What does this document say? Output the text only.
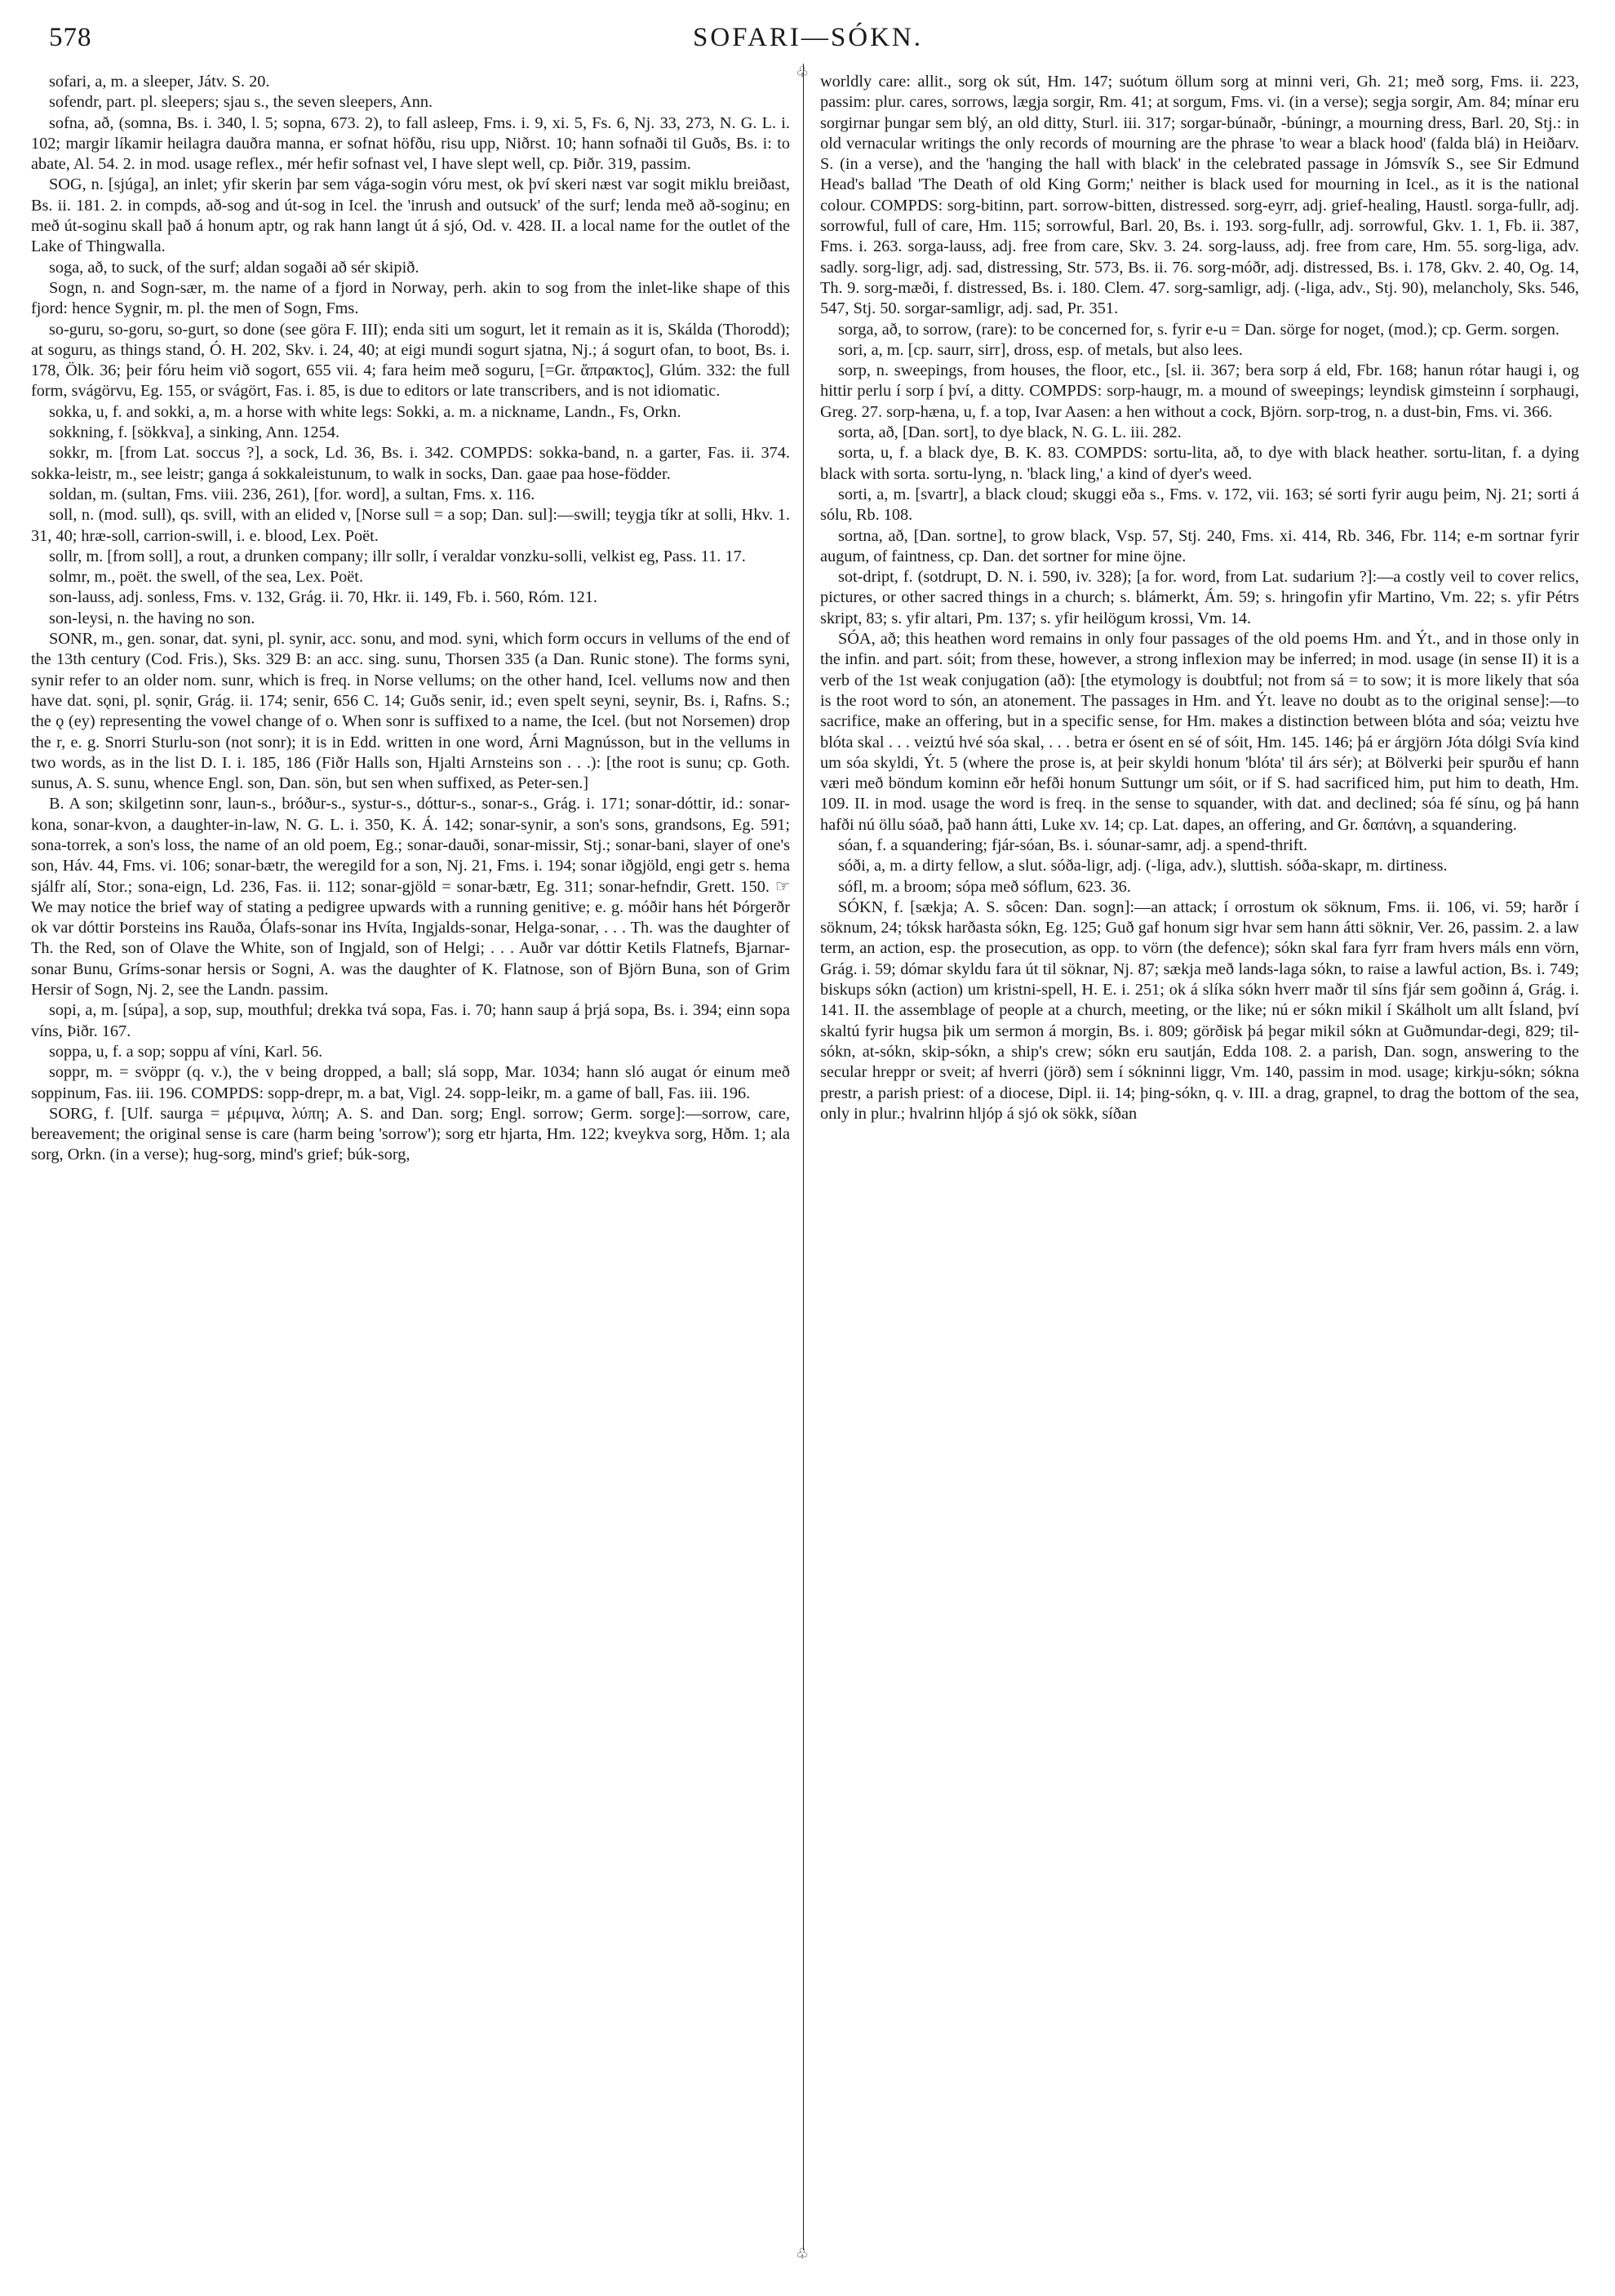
578	SOFARI—SÓKN.
♧
♧

sofari, a, m. a sleeper, Játv. S. 20.

sofendr, part. pl. sleepers; sjau s., the seven sleepers, Ann.

sofna, að, (somna, Bs. i. 340, l. 5; sopna, 673. 2), to fall asleep, Fms. i. 9, xi. 5, Fs. 6, Nj. 33, 273, N. G. L. i. 102; margir líkamir heilagra dauðra manna, er sofnat höfðu, risu upp, Niðrst. 10; hann sofnaði til Guðs, Bs. i: to abate, Al. 54. 2. in mod. usage reflex., mér hefir sofnast vel, I have slept well, cp. Þiðr. 319, passim.

SOG, n. [sjúga], an inlet; yfir skerin þar sem vága-sogin vóru mest, ok því skeri næst var sogit miklu breiðast, Bs. ii. 181. 2. in compds, að-sog and út-sog in Icel. the 'inrush and outsuck' of the surf; lenda með að-soginu; en með út-soginu skall það á honum aptr, og rak hann langt út á sjó, Od. v. 428. II. a local name for the outlet of the Lake of Thingwalla.

soga, að, to suck, of the surf; aldan sogaði að sér skipið.

Sogn, n. and Sogn-sær, m. the name of a fjord in Norway, perh. akin to sog from the inlet-like shape of this fjord: hence Sygnir, m. pl. the men of Sogn, Fms.

so-guru, so-goru, so-gurt, so done (see göra F. III); enda siti um sogurt, let it remain as it is, Skálda (Thorodd); at soguru, as things stand, Ó. H. 202, Skv. i. 24, 40; at eigi mundi sogurt sjatna, Nj.; á sogurt ofan, to boot, Bs. i. 178, Ölk. 36; þeir fóru heim við sogort, 655 vii. 4; fara heim með soguru, [=Gr. ἄπρακτος], Glúm. 332: the full form, svágörvu, Eg. 155, or svágört, Fas. i. 85, is due to editors or late transcribers, and is not idiomatic.

sokka, u, f. and sokki, a, m. a horse with white legs: Sokki, a. m. a nickname, Landn., Fs, Orkn.

sokkning, f. [sökkva], a sinking, Ann. 1254.

sokkr, m. [from Lat. soccus ?], a sock, Ld. 36, Bs. i. 342. COMPDS: sokka-band, n. a garter, Fas. ii. 374. sokka-leistr, m., see leistr; ganga á sokkaleistunum, to walk in socks, Dan. gaae paa hose-födder.

soldan, m. (sultan, Fms. viii. 236, 261), [for. word], a sultan, Fms. x. 116.

soll, n. (mod. sull), qs. svill, with an elided v, [Norse sull = a sop; Dan. sul]:—swill; teygja tíkr at solli, Hkv. 1. 31, 40; hræ-soll, carrion-swill, i. e. blood, Lex. Poët.

sollr, m. [from soll], a rout, a drunken company; illr sollr, í veraldar vonzku-solli, velkist eg, Pass. 11. 17.

solmr, m., poët. the swell, of the sea, Lex. Poët.

son-lauss, adj. sonless, Fms. v. 132, Grág. ii. 70, Hkr. ii. 149, Fb. i. 560, Róm. 121.

son-leysi, n. the having no son.

SONR, m., gen. sonar, dat. syni, pl. synir, acc. sonu, and mod. syni, which form occurs in vellums of the end of the 13th century (Cod. Fris.), Sks. 329 B: an acc. sing. sunu, Thorsen 335 (a Dan. Runic stone). The forms syni, synir refer to an older nom. sunr, which is freq. in Norse vellums; on the other hand, Icel. vellums now and then have dat. sǫni, pl. sǫnir, Grág. ii. 174; senir, 656 C. 14; Guðs senir, id.; even spelt seyni, seynir, Bs. i, Rafns. S.; the ǫ (ey) representing the vowel change of o. When sonr is suffixed to a name, the Icel. (but not Norsemen) drop the r, e. g. Snorri Sturlu-son (not sonr); it is in Edd. written in one word, Árni Magnússon, but in the vellums in two words, as in the list D. I. i. 185, 186 (Fiðr Halls son, Hjalti Arnsteins son . . .): [the root is sunu; cp. Goth. sunus, A. S. sunu, whence Engl. son, Dan. sön, but sen when suffixed, as Peter-sen.]

B. A son; skilgetinn sonr, laun-s., bróður-s., systur-s., dóttur-s., sonar-s., Grág. i. 171; sonar-dóttir, id.: sonar-kona, sonar-kvon, a daughter-in-law, N. G. L. i. 350, K. Á. 142; sonar-synir, a son's sons, grandsons, Eg. 591; sona-torrek, a son's loss, the name of an old poem, Eg.; sonar-dauði, sonar-missir, Stj.; sonar-bani, slayer of one's son, Háv. 44, Fms. vi. 106; sonar-bætr, the weregild for a son, Nj. 21, Fms. i. 194; sonar iðgjöld, engi getr s. hema sjálfr alí, Stor.; sona-eign, Ld. 236, Fas. ii. 112; sonar-gjöld = sonar-bætr, Eg. 311; sonar-hefndir, Grett. 150. ☞ We may notice the brief way of stating a pedigree upwards with a running genitive; e. g. móðir hans hét Þórgerðr ok var dóttir Þorsteins ins Rauða, Ólafs-sonar ins Hvíta, Ingjalds-sonar, Helga-sonar, . . . Th. was the daughter of Th. the Red, son of Olave the White, son of Ingjald, son of Helgi; . . . Auðr var dóttir Ketils Flatnefs, Bjarnar-sonar Bunu, Gríms-sonar hersis or Sogni, A. was the daughter of K. Flatnose, son of Björn Buna, son of Grim Hersir of Sogn, Nj. 2, see the Landn. passim.

sopi, a, m. [súpa], a sop, sup, mouthful; drekka tvá sopa, Fas. i. 70; hann saup á þrjá sopa, Bs. i. 394; einn sopa víns, Þiðr. 167.

soppa, u, f. a sop; soppu af víni, Karl. 56.

soppr, m. = svöppr (q. v.), the v being dropped, a ball; slá sopp, Mar. 1034; hann sló augat ór einum með soppinum, Fas. iii. 196. COMPDS: sopp-drepr, m. a bat, Vigl. 24. sopp-leikr, m. a game of ball, Fas. iii. 196.

SORG, f. [Ulf. saurga = μέριμνα, λύπη; A. S. and Dan. sorg; Engl. sorrow; Germ. sorge]:—sorrow, care, bereavement; the original sense is care (harm being 'sorrow'); sorg etr hjarta, Hm. 122; kveykva sorg, Hðm. 1; ala sorg, Orkn. (in a verse); hug-sorg, mind's grief; búk-sorg,

worldly care: allit., sorg ok sút, Hm. 147; suótum öllum sorg at minni veri, Gh. 21; með sorg, Fms. ii. 223, passim: plur. cares, sorrows, lægja sorgir, Rm. 41; at sorgum, Fms. vi. (in a verse); segja sorgir, Am. 84; mínar eru sorgirnar þungar sem blý, an old ditty, Sturl. iii. 317; sorgar-búnaðr, -búningr, a mourning dress, Barl. 20, Stj.: in old vernacular writings the only records of mourning are the phrase 'to wear a black hood' (falda blá) in Heiðarv. S. (in a verse), and the 'hanging the hall with black' in the celebrated passage in Jómsvík S., see Sir Edmund Head's ballad 'The Death of old King Gorm;' neither is black used for mourning in Icel., as it is the national colour. COMPDS: sorg-bitinn, part. sorrow-bitten, distressed. sorg-eyrr, adj. grief-healing, Haustl. sorga-fullr, adj. sorrowful, full of care, Hm. 115; sorrowful, Barl. 20, Bs. i. 193. sorg-fullr, adj. sorrowful, Gkv. 1. 1, Fb. ii. 387, Fms. i. 263. sorga-lauss, adj. free from care, Skv. 3. 24. sorg-lauss, adj. free from care, Hm. 55. sorg-liga, adv. sadly. sorg-ligr, adj. sad, distressing, Str. 573, Bs. ii. 76. sorg-móðr, adj. distressed, Bs. i. 178, Gkv. 2. 40, Og. 14, Th. 9. sorg-mæði, f. distressed, Bs. i. 180. Clem. 47. sorg-samligr, adj. (-liga, adv., Stj. 90), melancholy, Sks. 546, 547, Stj. 50. sorgar-samligr, adj. sad, Pr. 351.

sorga, að, to sorrow, (rare): to be concerned for, s. fyrir e-u = Dan. sörge for noget, (mod.); cp. Germ. sorgen.

sori, a, m. [cp. saurr, sirr], dross, esp. of metals, but also lees.

sorp, n. sweepings, from houses, the floor, etc., [sl. ii. 367; bera sorp á eld, Fbr. 168; hanun rótar haugi i, og hittir perlu í sorp í því, a ditty. COMPDS: sorp-haugr, m. a mound of sweepings; leyndisk gimsteinn í sorphaugi, Greg. 27. sorp-hæna, u, f. a top, Ivar Aasen: a hen without a cock, Björn. sorp-trog, n. a dust-bin, Fms. vi. 366.

sorta, að, [Dan. sort], to dye black, N. G. L. iii. 282.

sorta, u, f. a black dye, B. K. 83. COMPDS: sortu-lita, að, to dye with black heather. sortu-litan, f. a dying black with sorta. sortu-lyng, n. 'black ling,' a kind of dyer's weed.

sorti, a, m. [svartr], a black cloud; skuggi eða s., Fms. v. 172, vii. 163; sé sorti fyrir augu þeim, Nj. 21; sorti á sólu, Rb. 108.

sortna, að, [Dan. sortne], to grow black, Vsp. 57, Stj. 240, Fms. xi. 414, Rb. 346, Fbr. 114; e-m sortnar fyrir augum, of faintness, cp. Dan. det sortner for mine öjne.

sot-dript, f. (sotdrupt, D. N. i. 590, iv. 328); [a for. word, from Lat. sudarium ?]:—a costly veil to cover relics, pictures, or other sacred things in a church; s. blámerkt, Ám. 59; s. hringofin yfir Martino, Vm. 22; s. yfir Pétrs skript, 83; s. yfir altari, Pm. 137; s. yfir heilögum krossi, Vm. 14.

SÓA, að; this heathen word remains in only four passages of the old poems Hm. and Ýt., and in those only in the infin. and part. sóit; from these, however, a strong inflexion may be inferred; in mod. usage (in sense II) it is a verb of the 1st weak conjugation (að): [the etymology is doubtful; not from sá = to sow; it is more likely that sóa is the root word to són, an atonement. The passages in Hm. and Ýt. leave no doubt as to the original sense]:—to sacrifice, make an offering, but in a specific sense, for Hm. makes a distinction between blóta and sóa; veiztu hve blóta skal . . . veiztú hvé sóa skal, . . . betra er ósent en sé of sóit, Hm. 145. 146; þá er árgjörn Jóta dólgi Svía kind um sóa skyldi, Ýt. 5 (where the prose is, at þeir skyldi honum 'blóta' til árs sér); at Bölverki þeir spurðu ef hann væri með böndum kominn eðr hefði honum Suttungr um sóit, or if S. had sacrificed him, put him to death, Hm. 109. II. in mod. usage the word is freq. in the sense to squander, with dat. and declined; sóa fé sínu, og þá hann hafði nú öllu sóað, það hann átti, Luke xv. 14; cp. Lat. dapes, an offering, and Gr. δαπάνη, a squandering.

sóan, f. a squandering; fjár-sóan, Bs. i. sóunar-samr, adj. a spend-thrift.

sóði, a, m. a dirty fellow, a slut. sóða-ligr, adj. (-liga, adv.), sluttish. sóða-skapr, m. dirtiness.

sófl, m. a broom; sópa með sóflum, 623. 36.

SÓKN, f. [sækja; A. S. sôcen: Dan. sogn]:—an attack; í orrostum ok söknum, Fms. ii. 106, vi. 59; harðr í söknum, 24; tóksk harðasta sókn, Eg. 125; Guð gaf honum sigr hvar sem hann átti söknir, Ver. 26, passim. 2. a law term, an action, esp. the prosecution, as opp. to vörn (the defence); sókn skal fara fyrr fram hvers máls enn vörn, Grág. i. 59; dómar skyldu fara út til söknar, Nj. 87; sækja með lands-laga sókn, to raise a lawful action, Bs. i. 749; biskups sókn (action) um kristni-spell, H. E. i. 251; ok á slíka sókn hverr maðr til síns fjár sem goðinn á, Grág. i. 141. II. the assemblage of people at a church, meeting, or the like; nú er sókn mikil í Skálholt um allt Ísland, því skaltú fyrir hugsa þik um sermon á morgin, Bs. i. 809; görðisk þá þegar mikil sókn at Guðmundar-degi, 829; til-sókn, at-sókn, skip-sókn, a ship's crew; sókn eru sautján, Edda 108. 2. a parish, Dan. sogn, answering to the secular hreppr or sveit; af hverri (jörð) sem í sókninni liggr, Vm. 140, passim in mod. usage; kirkju-sókn; sókna prestr, a parish priest: of a diocese, Dipl. ii. 14; þing-sókn, q. v. III. a drag, grapnel, to drag the bottom of the sea, only in plur.; hvalrinn hljóp á sjó ok sökk, síðan
